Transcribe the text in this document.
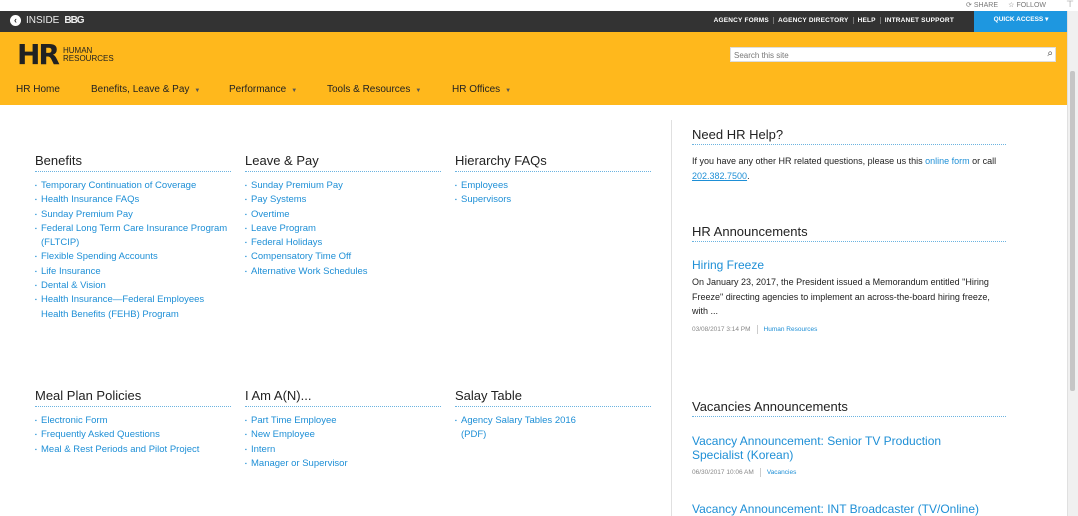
⟳ SHARE ☆ FOLLOW ⊤
‹ INSIDE BBG	AGENCY FORMS	AGENCY DIRECTORY	HELP	INTRANET SUPPORT	QUICK ACCESS ▾
HR HUMAN
RESOURCES	Search this site	⌕
HR Home	Benefits, Leave & Pay ▼	Performance ▼	Tools & Resources ▼	HR Offices ▼
Benefits
▪ Temporary Continuation of Coverage
▪ Health Insurance FAQs
▪ Sunday Premium Pay
▪ Federal Long Term Care Insurance Program (FLTCIP)
▪ Flexible Spending Accounts
▪ Life Insurance
▪ Dental & Vision
▪ Health Insurance—Federal Employees Health Benefits (FEHB) Program
Leave & Pay
▪ Sunday Premium Pay
▪ Pay Systems
▪ Overtime
▪ Leave Program
▪ Federal Holidays
▪ Compensatory Time Off
▪ Alternative Work Schedules
Hierarchy FAQs
▪ Employees
▪ Supervisors
Meal Plan Policies
▪ Electronic Form
▪ Frequently Asked Questions
▪ Meal & Rest Periods and Pilot Project
I Am A(N)...
▪ Part Time Employee
▪ New Employee
▪ Intern
▪ Manager or Supervisor
Salay Table
▪ Agency Salary Tables 2016 (PDF)
Need HR Help?
If you have any other HR related questions, please us this online form or call 202.382.7500.
HR Announcements
Hiring Freeze
On January 23, 2017, the President issued a Memorandum entitled "Hiring Freeze" directing agencies to implement an across-the-board hiring freeze, with ...
03/08/2017 3:14 PM Human Resources
Vacancies Announcements
Vacancy Announcement: Senior TV Production Specialist (Korean)
06/30/2017 10:06 AM Vacancies
Vacancy Announcement: INT Broadcaster (TV/Online)
